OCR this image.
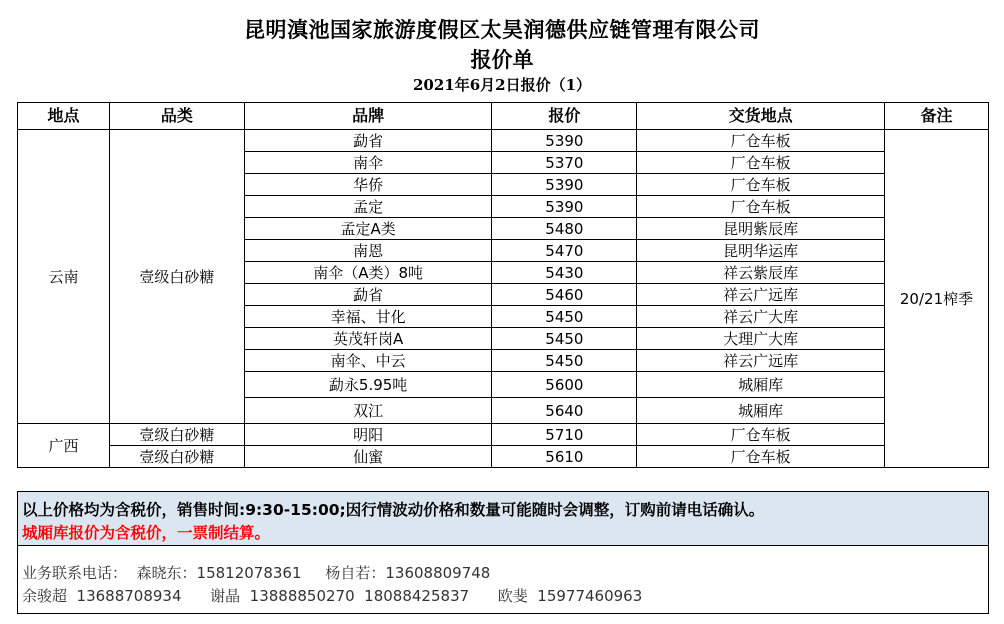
昆明滇池国家旅游度假区太昊润德供应链管理有限公司
报价单
2021年6月2日报价（1）
地点	品类	品牌	报价	交货地点	备注
云南	壹级白砂糖	勐省	5390	厂仓车板	20/21榨季
		南伞	5370	厂仓车板	
		华侨	5390	厂仓车板	
		孟定	5390	厂仓车板	
		孟定A类	5480	昆明紫辰库	
		南恩	5470	昆明华运库	
		南伞（A类）8吨	5430	祥云紫辰库	
		勐省	5460	祥云广远库	
		幸福、甘化	5450	祥云广大库	
		英茂轩岗A	5450	大理广大库	
		南伞、中云	5450	祥云广远库	
		勐永5.95吨	5600	城厢库	
		双江	5640	城厢库	
广西	壹级白砂糖	明阳	5710	厂仓车板	
	壹级白砂糖	仙蜜	5610	厂仓车板	
以上价格均为含税价，销售时间:9:30-15:00;因行情波动价格和数量可能随时会调整，订购前请电话确认。
城厢库报价为含税价，一票制结算。
业务联系电话：  森晓东：15812078361     杨自若：13608809748
余骏超  13688708934      谢晶  13888850270  18088425837      欧斐  15977460963
